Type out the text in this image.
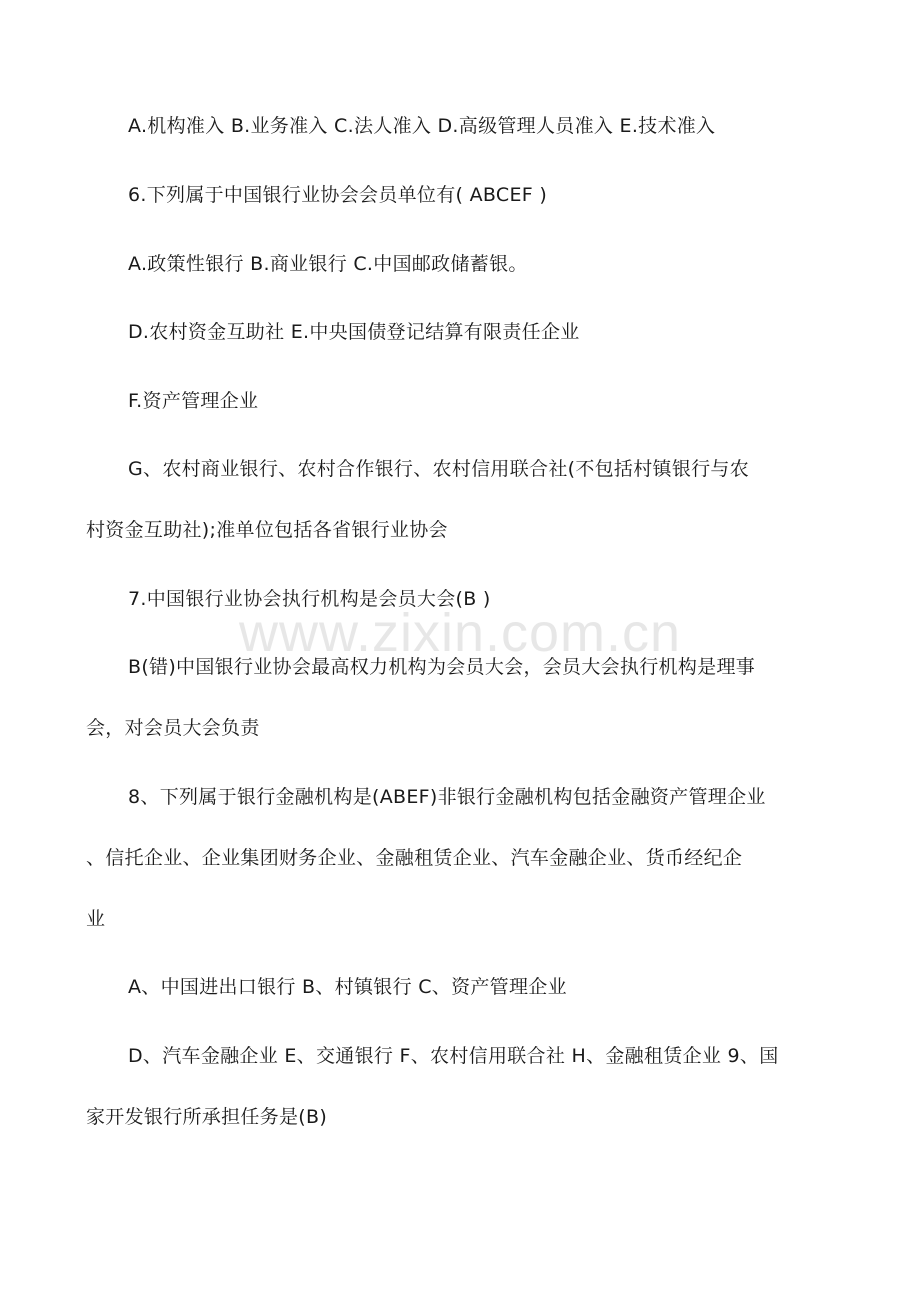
A.机构准入 B.业务准入 C.法人准入 D.高级管理人员准入 E.技术准入
6.下列属于中国银行业协会会员单位有( ABCEF )
A.政策性银行 B.商业银行 C.中国邮政储蓄银。
D.农村资金互助社 E.中央国债登记结算有限责任企业
F.资产管理企业
G、农村商业银行、农村合作银行、农村信用联合社(不包括村镇银行与农
村资金互助社);准单位包括各省银行业协会
www.zixin.com.cn
7.中国银行业协会执行机构是会员大会(B )
B(错)中国银行业协会最高权力机构为会员大会，会员大会执行机构是理事
会，对会员大会负责
8、下列属于银行金融机构是(ABEF)非银行金融机构包括金融资产管理企业
、信托企业、企业集团财务企业、金融租赁企业、汽车金融企业、货币经纪企
业
A、中国进出口银行 B、村镇银行 C、资产管理企业
D、汽车金融企业 E、交通银行 F、农村信用联合社 H、金融租赁企业 9、国
家开发银行所承担任务是(B)
